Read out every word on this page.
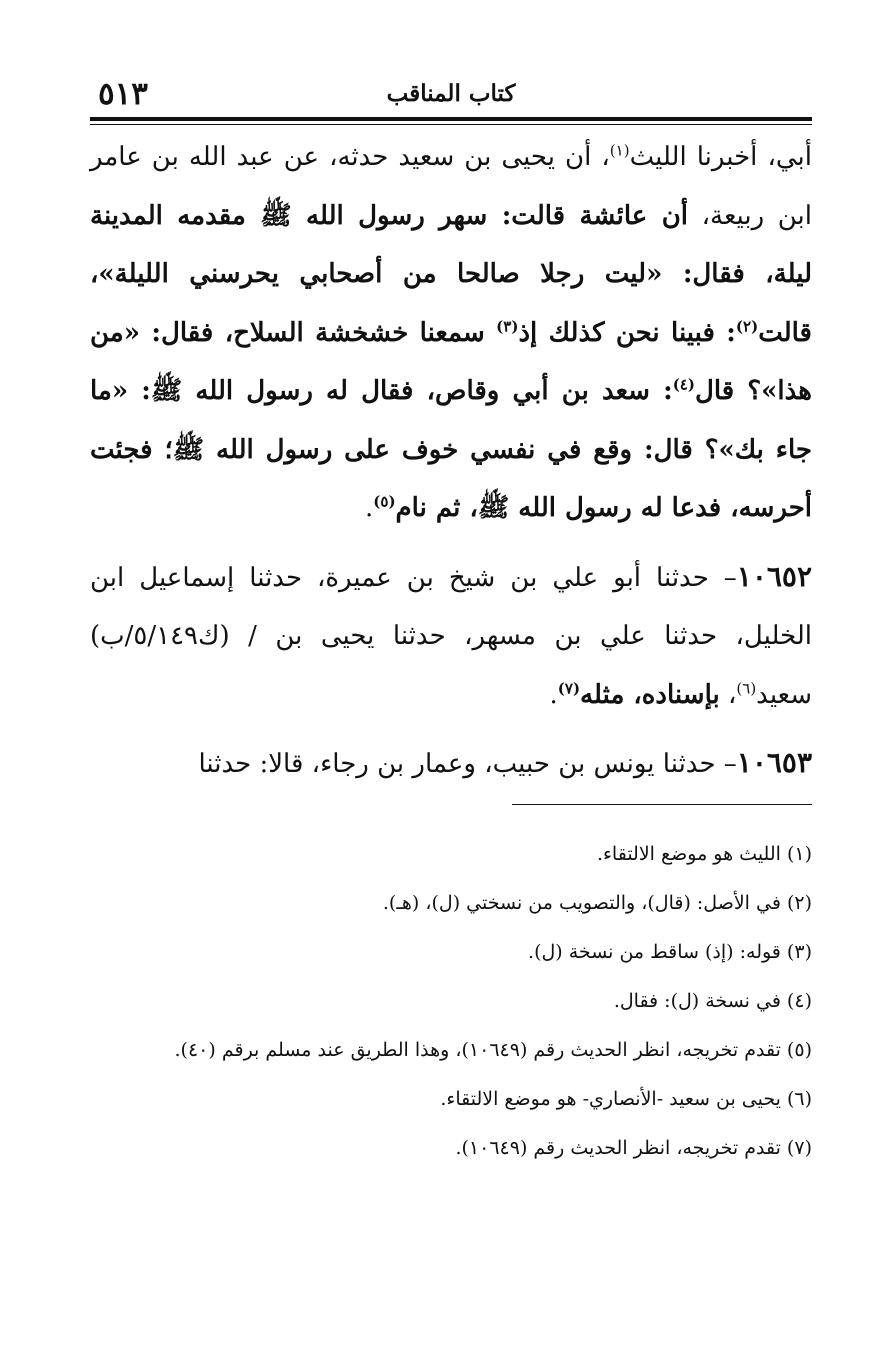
كتاب المناقب
٥١٣

أبي، أخبرنا الليث$^{(١)}$، أن يحيى بن سعيد حدثه، عن عبد الله بن عامر ابن ربيعة، أن عائشة قالت: سهر رسول الله ﷺ مقدمه المدينة ليلة، فقال: «ليت رجلا صالحا من أصحابي يحرسني الليلة»، قالت$^{(٢)}$: فبينا نحن كذلك إذ$^{(٣)}$ سمعنا خشخشة السلاح، فقال: «من هذا»؟ قال$^{(٤)}$: سعد بن أبي وقاص، فقال له رسول الله ﷺ: «ما جاء بك»؟ قال: وقع في نفسي خوف على رسول الله ﷺ؛ فجئت أحرسه، فدعا له رسول الله ﷺ، ثم نام$^{(٥)}$.

١٠٦٥٢– حدثنا أبو علي بن شيخ بن عميرة، حدثنا إسماعيل ابن الخليل، حدثنا علي بن مسهر، حدثنا يحيى بن / (ك٥/١٤٩/ب) سعيد$^{(٦)}$، بإسناده، مثله$^{(٧)}$.

١٠٦٥٣– حدثنا يونس بن حبيب، وعمار بن رجاء، قالا: حدثنا

(١) الليث هو موضع الالتقاء.
(٢) في الأصل: (قال)، والتصويب من نسختي (ل)، (هـ).
(٣) قوله: (إذ) ساقط من نسخة (ل).
(٤) في نسخة (ل): فقال.
(٥) تقدم تخريجه، انظر الحديث رقم (١٠٦٤٩)، وهذا الطريق عند مسلم برقم (٤٠).
(٦) يحيى بن سعيد -الأنصاري- هو موضع الالتقاء.
(٧) تقدم تخريجه، انظر الحديث رقم (١٠٦٤٩).
